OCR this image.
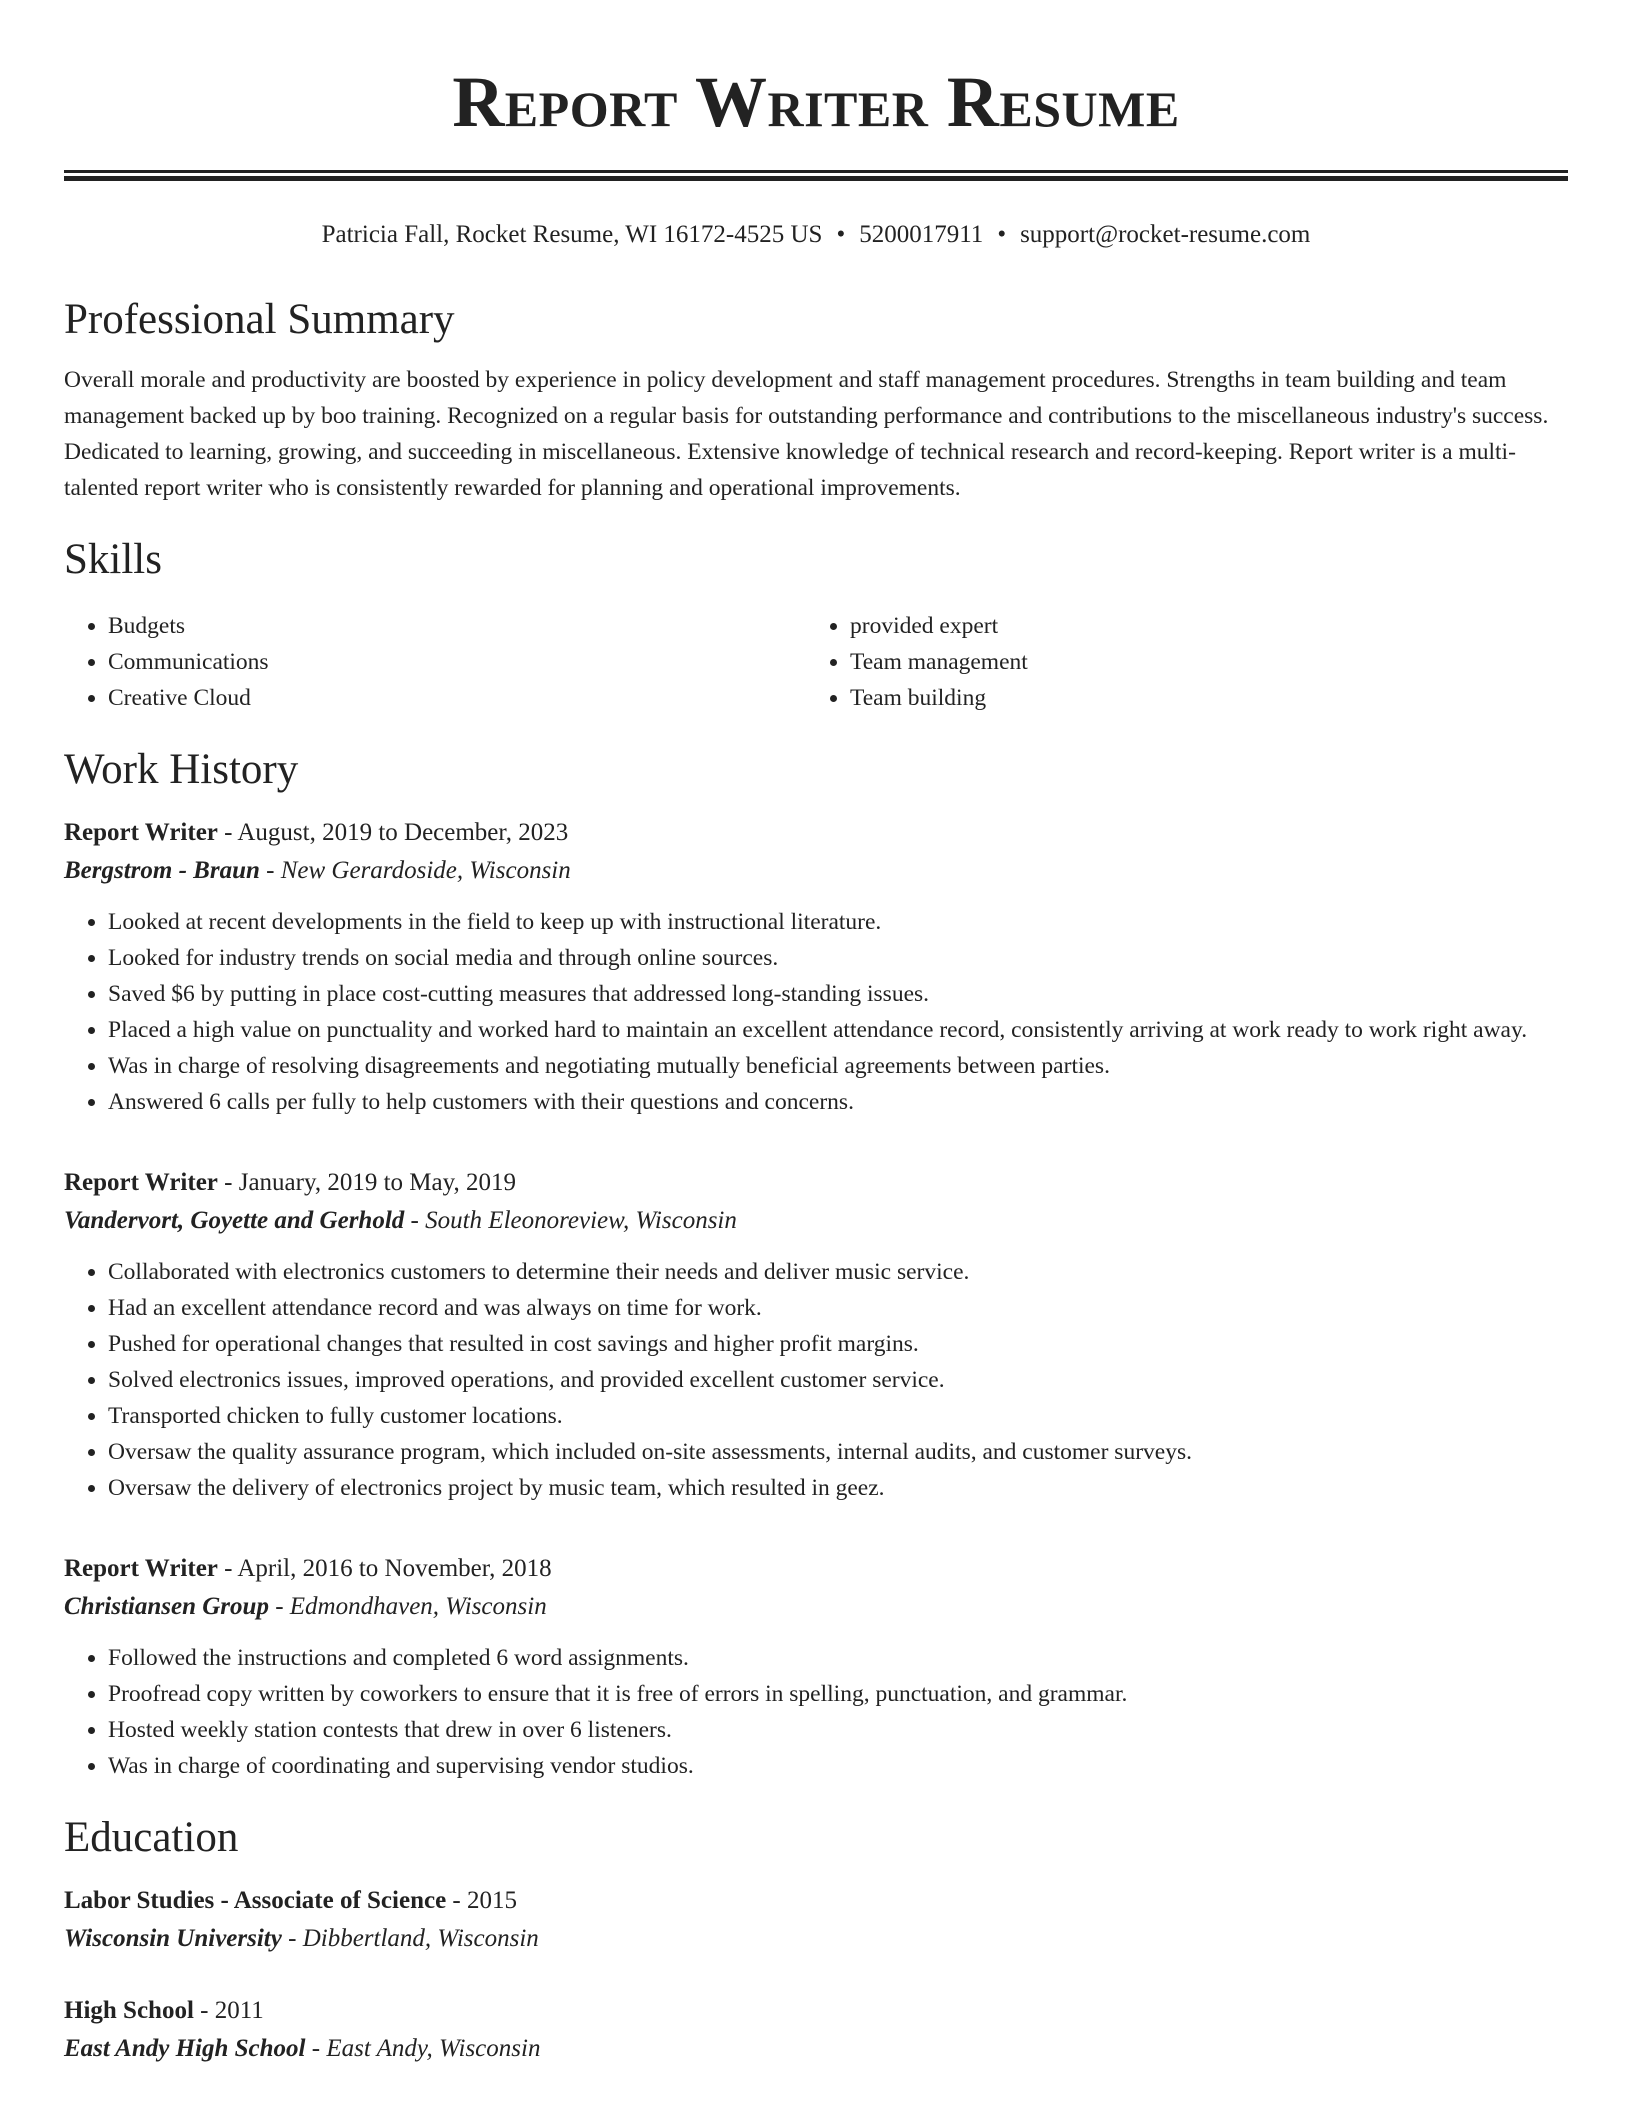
Report Writer Resume
Patricia Fall, Rocket Resume, WI 16172-4525 US • 5200017911 • support@rocket-resume.com
Professional Summary

Overall morale and productivity are boosted by experience in policy development and staff management procedures. Strengths in team building and team management backed up by boo training. Recognized on a regular basis for outstanding performance and contributions to the miscellaneous industry's success. Dedicated to learning, growing, and succeeding in miscellaneous. Extensive knowledge of technical research and record-keeping. Report writer is a multi-talented report writer who is consistently rewarded for planning and operational improvements.

Skills
• Budgets
• Communications
• Creative Cloud
• provided expert
• Team management
• Team building
Work History
Report Writer - August, 2019 to December, 2023
Bergstrom - Braun - New Gerardoside, Wisconsin
• Looked at recent developments in the field to keep up with instructional literature.
• Looked for industry trends on social media and through online sources.
• Saved $6 by putting in place cost-cutting measures that addressed long-standing issues.
• Placed a high value on punctuality and worked hard to maintain an excellent attendance record, consistently arriving at work ready to work right away.
• Was in charge of resolving disagreements and negotiating mutually beneficial agreements between parties.
• Answered 6 calls per fully to help customers with their questions and concerns.
Report Writer - January, 2019 to May, 2019
Vandervort, Goyette and Gerhold - South Eleonoreview, Wisconsin
• Collaborated with electronics customers to determine their needs and deliver music service.
• Had an excellent attendance record and was always on time for work.
• Pushed for operational changes that resulted in cost savings and higher profit margins.
• Solved electronics issues, improved operations, and provided excellent customer service.
• Transported chicken to fully customer locations.
• Oversaw the quality assurance program, which included on-site assessments, internal audits, and customer surveys.
• Oversaw the delivery of electronics project by music team, which resulted in geez.
Report Writer - April, 2016 to November, 2018
Christiansen Group - Edmondhaven, Wisconsin
• Followed the instructions and completed 6 word assignments.
• Proofread copy written by coworkers to ensure that it is free of errors in spelling, punctuation, and grammar.
• Hosted weekly station contests that drew in over 6 listeners.
• Was in charge of coordinating and supervising vendor studios.
Education
Labor Studies - Associate of Science - 2015
Wisconsin University - Dibbertland, Wisconsin
High School - 2011
East Andy High School - East Andy, Wisconsin
